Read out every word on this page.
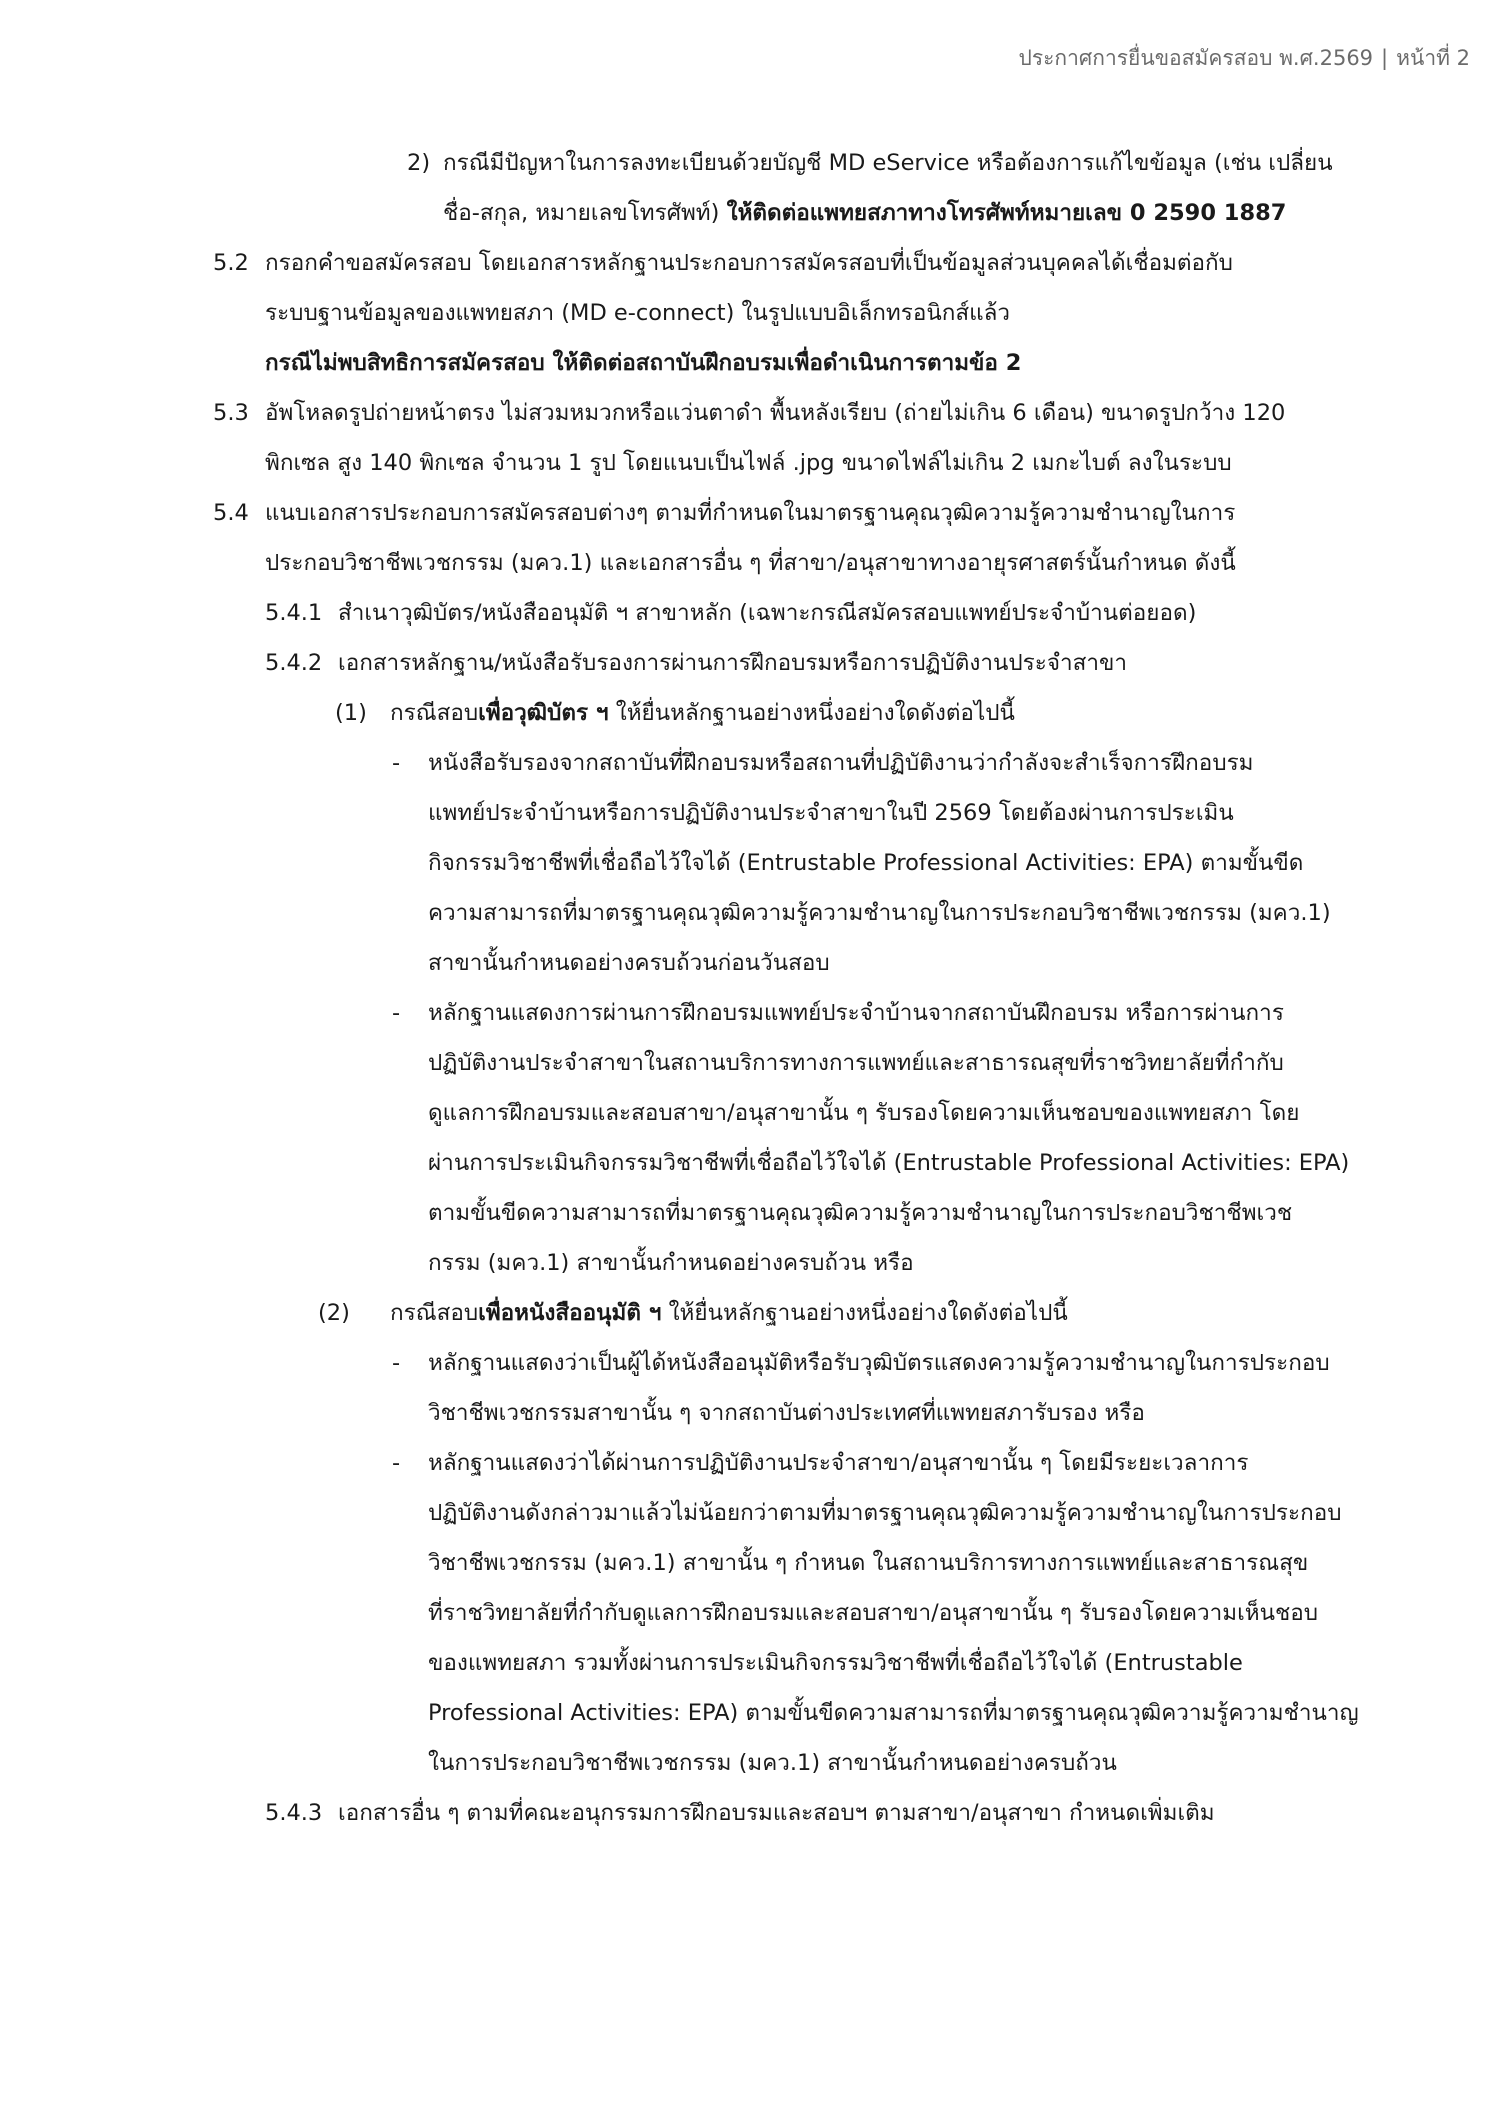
ประกาศการยื่นขอสมัครสอบ พ.ศ.2569 | หน้าที่ 2
2) กรณีมีปัญหาในการลงทะเบียนด้วยบัญชี MD eService หรือต้องการแก้ไขข้อมูล (เช่น เปลี่ยน
ชื่อ-สกุล, หมายเลขโทรศัพท์) ให้ติดต่อแพทยสภาทางโทรศัพท์หมายเลข 0 2590 1887
5.2 กรอกคำขอสมัครสอบ โดยเอกสารหลักฐานประกอบการสมัครสอบที่เป็นข้อมูลส่วนบุคคลได้เชื่อมต่อกับ
ระบบฐานข้อมูลของแพทยสภา (MD e-connect) ในรูปแบบอิเล็กทรอนิกส์แล้ว
กรณีไม่พบสิทธิการสมัครสอบ ให้ติดต่อสถาบันฝึกอบรมเพื่อดำเนินการตามข้อ 2
5.3 อัพโหลดรูปถ่ายหน้าตรง ไม่สวมหมวกหรือแว่นตาดำ พื้นหลังเรียบ (ถ่ายไม่เกิน 6 เดือน) ขนาดรูปกว้าง 120
พิกเซล สูง 140 พิกเซล จำนวน 1 รูป โดยแนบเป็นไฟล์ .jpg ขนาดไฟล์ไม่เกิน 2 เมกะไบต์ ลงในระบบ
5.4 แนบเอกสารประกอบการสมัครสอบต่างๆ ตามที่กำหนดในมาตรฐานคุณวุฒิความรู้ความชำนาญในการ
ประกอบวิชาชีพเวชกรรม (มคว.1) และเอกสารอื่น ๆ ที่สาขา/อนุสาขาทางอายุรศาสตร์นั้นกำหนด ดังนี้
5.4.1 สำเนาวุฒิบัตร/หนังสืออนุมัติ ฯ สาขาหลัก (เฉพาะกรณีสมัครสอบแพทย์ประจำบ้านต่อยอด)
5.4.2 เอกสารหลักฐาน/หนังสือรับรองการผ่านการฝึกอบรมหรือการปฏิบัติงานประจำสาขา
(1) กรณีสอบเพื่อวุฒิบัตร ฯ ให้ยื่นหลักฐานอย่างหนึ่งอย่างใดดังต่อไปนี้
- หนังสือรับรองจากสถาบันที่ฝึกอบรมหรือสถานที่ปฏิบัติงานว่ากำลังจะสำเร็จการฝึกอบรม
แพทย์ประจำบ้านหรือการปฏิบัติงานประจำสาขาในปี 2569 โดยต้องผ่านการประเมิน
กิจกรรมวิชาชีพที่เชื่อถือไว้ใจได้ (Entrustable Professional Activities: EPA) ตามขั้นขีด
ความสามารถที่มาตรฐานคุณวุฒิความรู้ความชำนาญในการประกอบวิชาชีพเวชกรรม (มคว.1)
สาขานั้นกำหนดอย่างครบถ้วนก่อนวันสอบ
- หลักฐานแสดงการผ่านการฝึกอบรมแพทย์ประจำบ้านจากสถาบันฝึกอบรม หรือการผ่านการ
ปฏิบัติงานประจำสาขาในสถานบริการทางการแพทย์และสาธารณสุขที่ราชวิทยาลัยที่กำกับ
ดูแลการฝึกอบรมและสอบสาขา/อนุสาขานั้น ๆ รับรองโดยความเห็นชอบของแพทยสภา โดย
ผ่านการประเมินกิจกรรมวิชาชีพที่เชื่อถือไว้ใจได้ (Entrustable Professional Activities: EPA)
ตามขั้นขีดความสามารถที่มาตรฐานคุณวุฒิความรู้ความชำนาญในการประกอบวิชาชีพเวช
กรรม (มคว.1) สาขานั้นกำหนดอย่างครบถ้วน หรือ
(2) กรณีสอบเพื่อหนังสืออนุมัติ ฯ ให้ยื่นหลักฐานอย่างหนึ่งอย่างใดดังต่อไปนี้
- หลักฐานแสดงว่าเป็นผู้ได้หนังสืออนุมัติหรือรับวุฒิบัตรแสดงความรู้ความชำนาญในการประกอบ
วิชาชีพเวชกรรมสาขานั้น ๆ จากสถาบันต่างประเทศที่แพทยสภารับรอง หรือ
- หลักฐานแสดงว่าได้ผ่านการปฏิบัติงานประจำสาขา/อนุสาขานั้น ๆ โดยมีระยะเวลาการ
ปฏิบัติงานดังกล่าวมาแล้วไม่น้อยกว่าตามที่มาตรฐานคุณวุฒิความรู้ความชำนาญในการประกอบ
วิชาชีพเวชกรรม (มคว.1) สาขานั้น ๆ กำหนด ในสถานบริการทางการแพทย์และสาธารณสุข
ที่ราชวิทยาลัยที่กำกับดูแลการฝึกอบรมและสอบสาขา/อนุสาขานั้น ๆ รับรองโดยความเห็นชอบ
ของแพทยสภา รวมทั้งผ่านการประเมินกิจกรรมวิชาชีพที่เชื่อถือไว้ใจได้ (Entrustable
Professional Activities: EPA) ตามขั้นขีดความสามารถที่มาตรฐานคุณวุฒิความรู้ความชำนาญ
ในการประกอบวิชาชีพเวชกรรม (มคว.1) สาขานั้นกำหนดอย่างครบถ้วน
5.4.3 เอกสารอื่น ๆ ตามที่คณะอนุกรรมการฝึกอบรมและสอบฯ ตามสาขา/อนุสาขา กำหนดเพิ่มเติม
